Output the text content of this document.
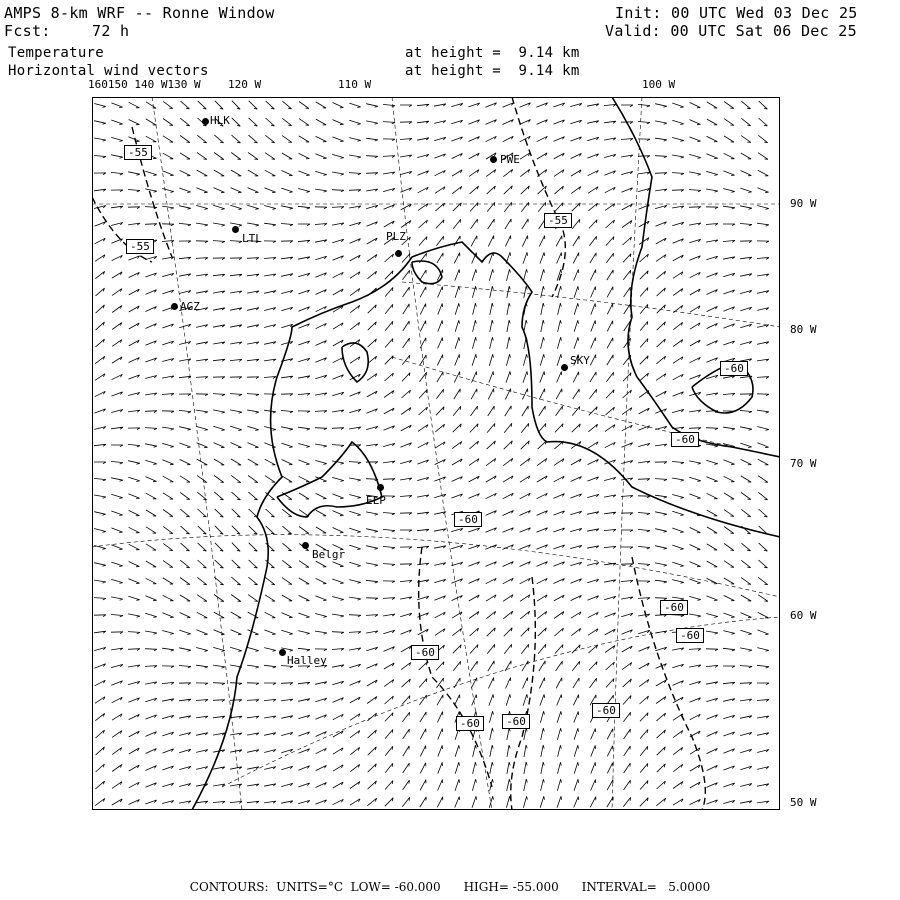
AMPS 8-km WRF -- Ronne Window
Fcst:	72 h
Temperature
Horizontal wind vectors
at height =  9.14 km
at height =  9.14 km
Init: 00 UTC Wed 03 Dec 25
Valid: 00 UTC Sat 06 Dec 25
160150 140 W130 W 120 W	110 W	100 W
90 W
80 W
70 W
60 W
50 W
-55
-55
-55
-60
-60
-60
-60
-60
-60
-60	-60
-60
HLK
PWE
LTL	PLZ
AGZ
SKY
ELP
Belgr
Halley
CONTOURS:  UNITS=°C  LOW= -60.000      HIGH= -55.000      INTERVAL=   5.0000
